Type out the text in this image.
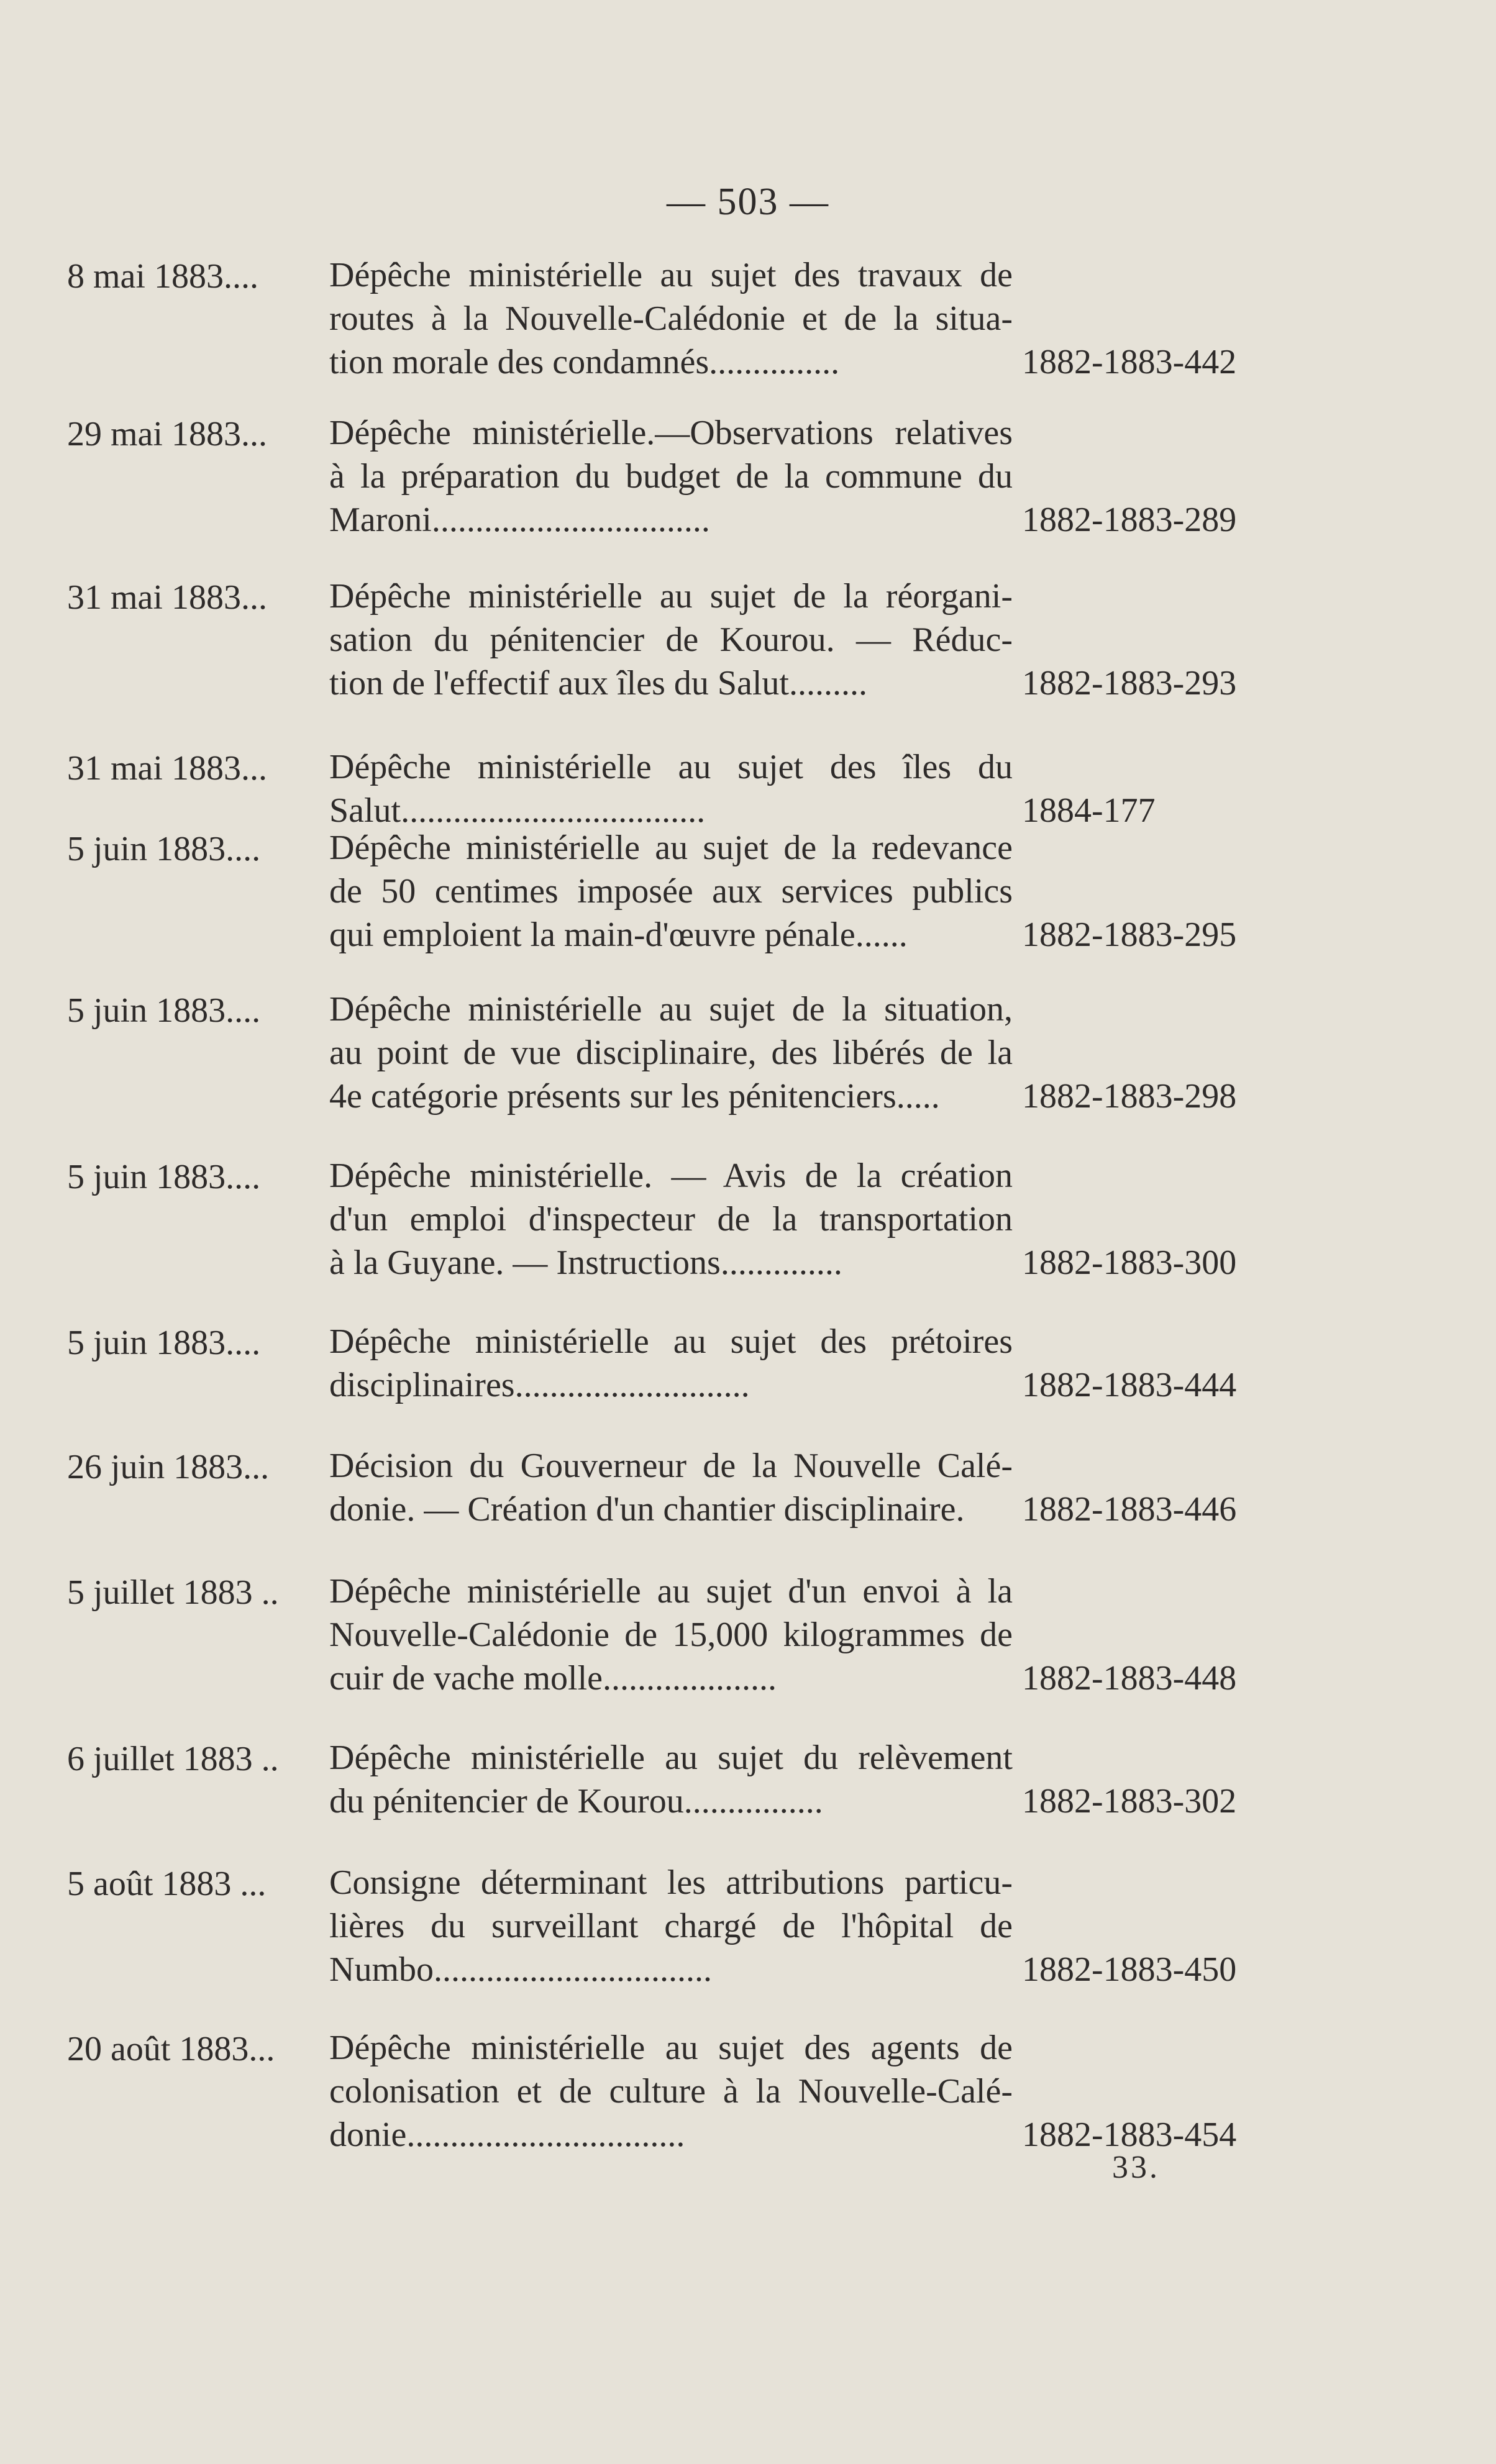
— 503 —
8 mai 1883.... Dépêche ministérielle au sujet des travaux de
routes à la Nouvelle-Calédonie et de la situa-
tion morale des condamnés...............	1882-1883-442
29 mai 1883... Dépêche ministérielle.—Observations relatives
à la préparation du budget de la commune du
Maroni................................	1882-1883-289
31 mai 1883... Dépêche ministérielle au sujet de la réorgani-
sation du pénitencier de Kourou. — Réduc-
tion de l'effectif aux îles du Salut.........	1882-1883-293
31 mai 1883... Dépêche ministérielle au sujet des îles du
Salut...................................	1884-177
5 juin 1883.... Dépêche ministérielle au sujet de la redevance
de 50 centimes imposée aux services publics
qui emploient la main-d'œuvre pénale......	1882-1883-295
5 juin 1883.... Dépêche ministérielle au sujet de la situation,
au point de vue disciplinaire, des libérés de la
4e catégorie présents sur les pénitenciers.....	1882-1883-298
5 juin 1883.... Dépêche ministérielle. — Avis de la création
d'un emploi d'inspecteur de la transportation
à la Guyane. — Instructions..............	1882-1883-300
5 juin 1883.... Dépêche ministérielle au sujet des prétoires
disciplinaires...........................	1882-1883-444
26 juin 1883... Décision du Gouverneur de la Nouvelle Calé-
donie. — Création d'un chantier disciplinaire.	1882-1883-446
5 juillet 1883 .. Dépêche ministérielle au sujet d'un envoi à la
Nouvelle-Calédonie de 15,000 kilogrammes de
cuir de vache molle....................	1882-1883-448
6 juillet 1883 .. Dépêche ministérielle au sujet du relèvement
du pénitencier de Kourou................	1882-1883-302
5 août 1883 ... Consigne déterminant les attributions particu-
lières du surveillant chargé de l'hôpital de
Numbo................................	1882-1883-450
20 août 1883... Dépêche ministérielle au sujet des agents de
colonisation et de culture à la Nouvelle-Calé-
donie................................	1882-1883-454
33.
